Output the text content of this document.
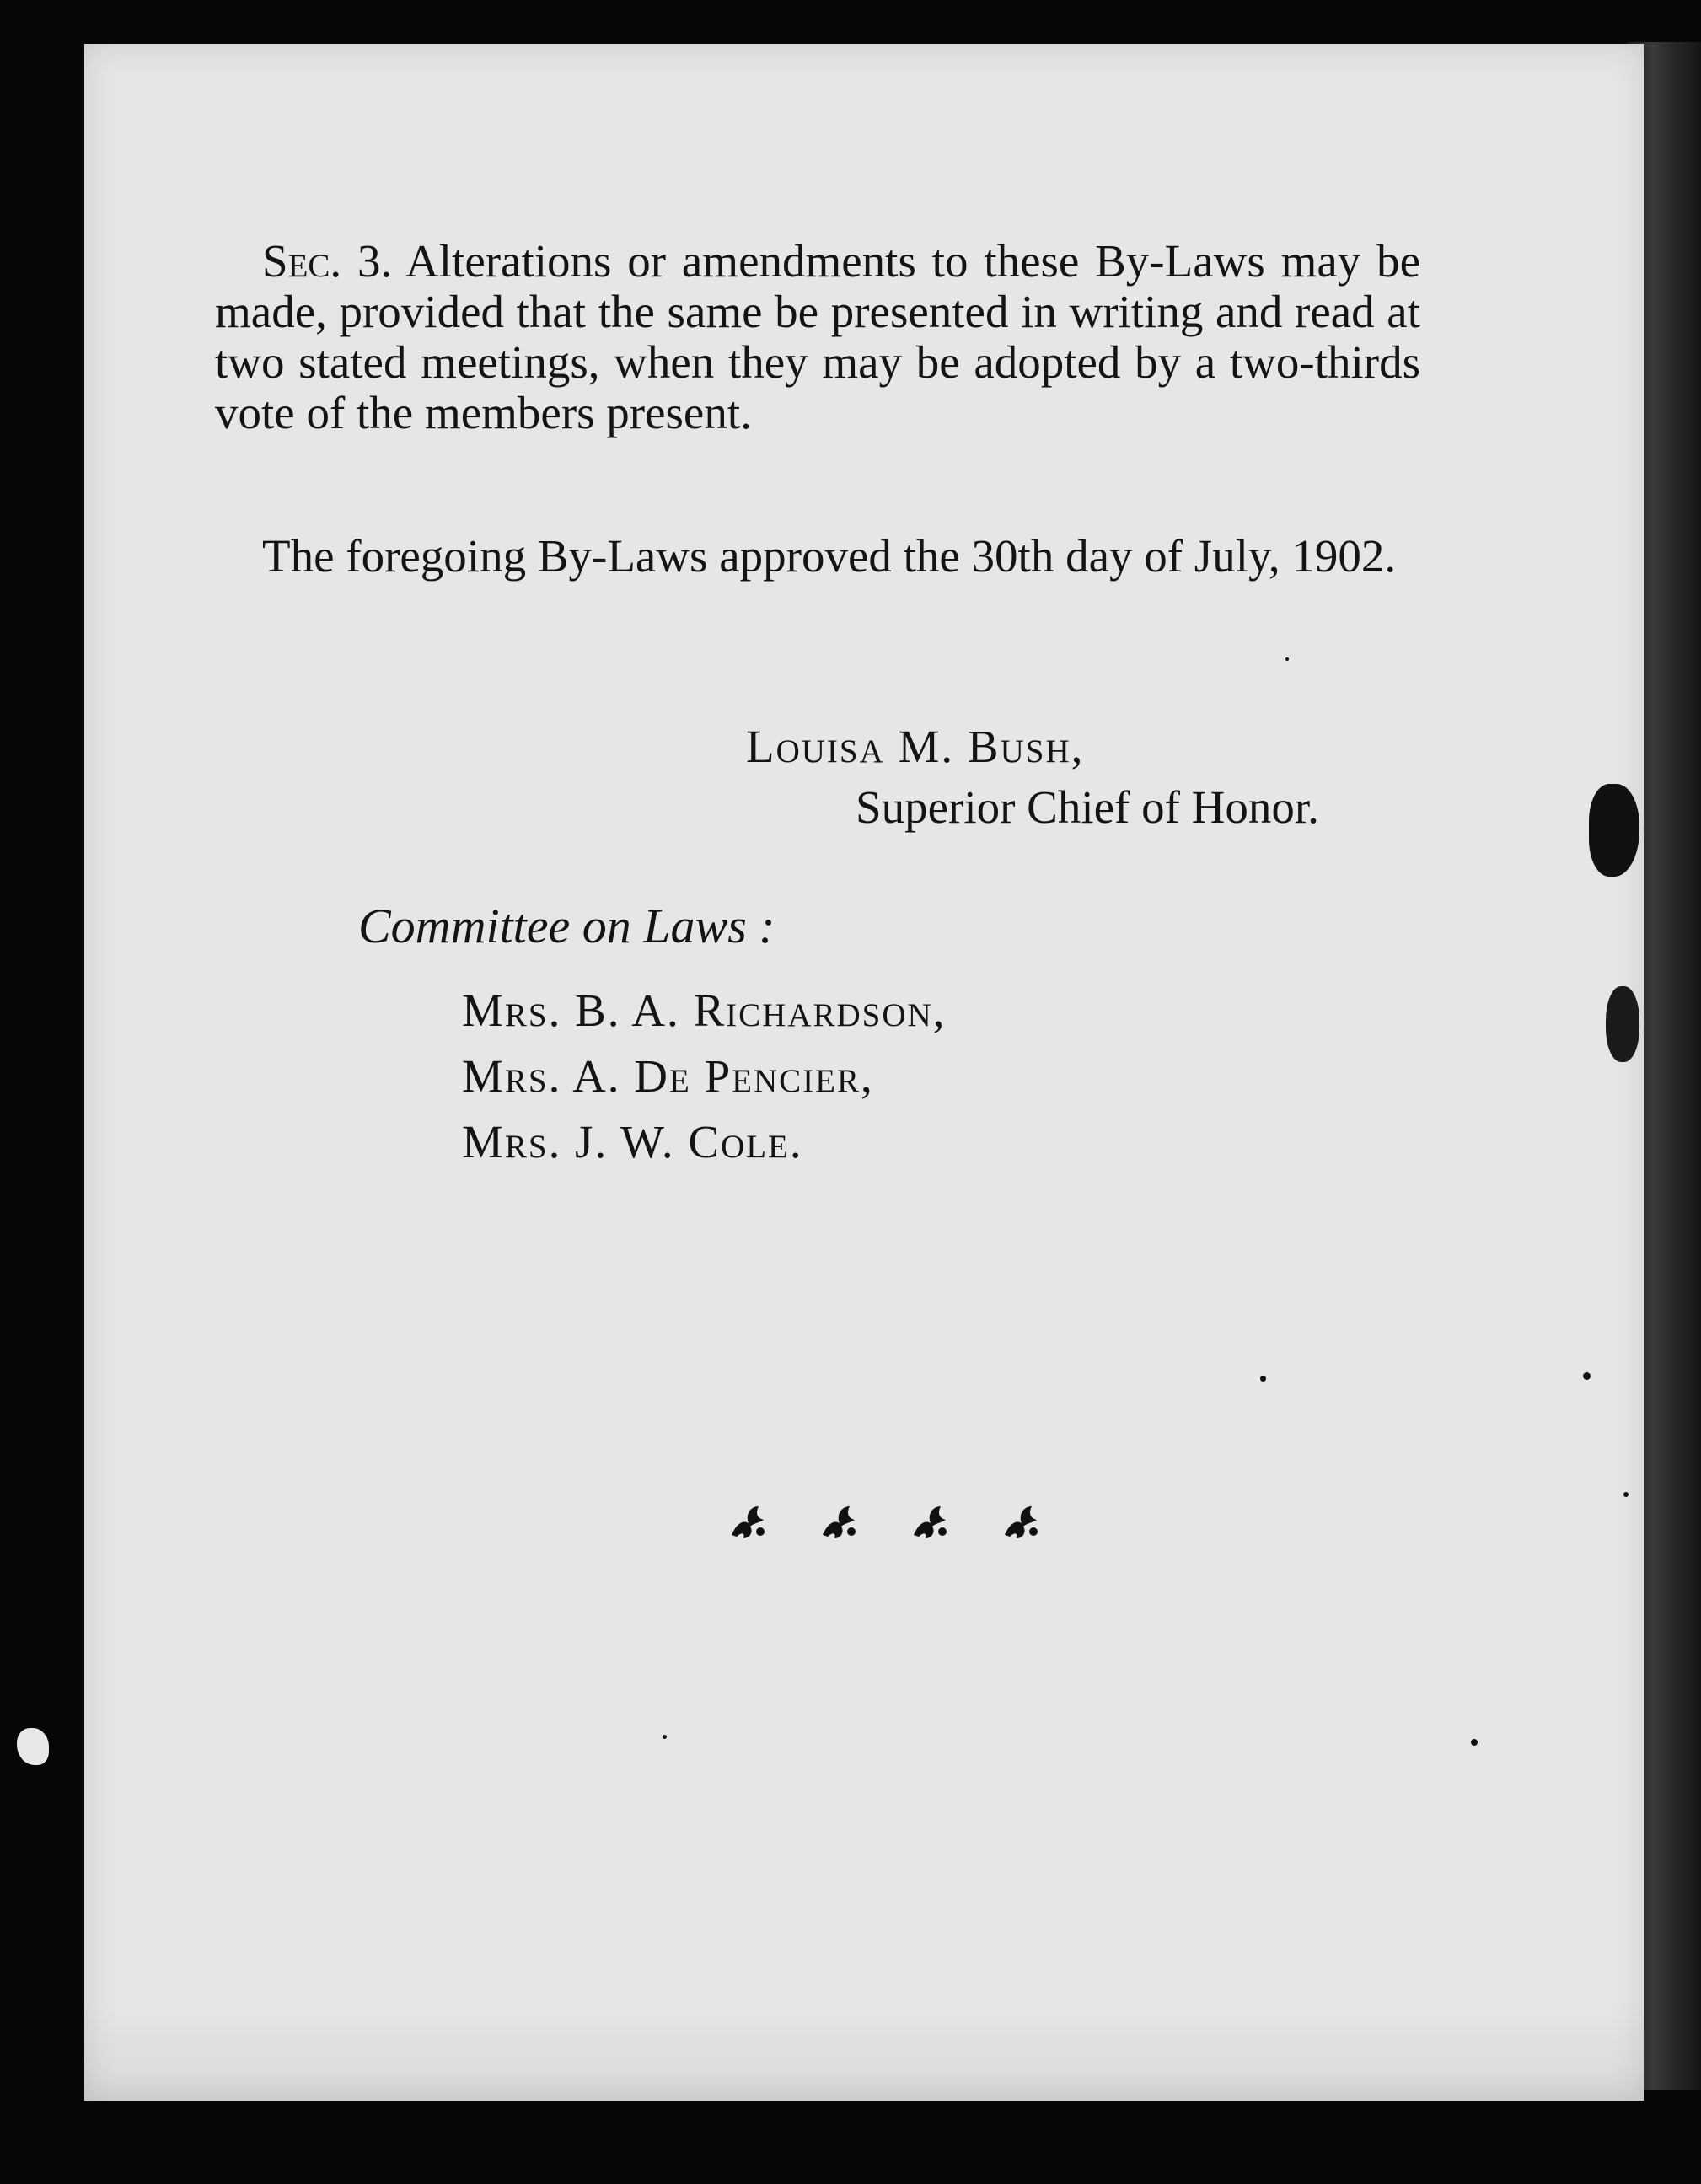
Sec. 3. Alterations or amendments to these By-Laws may be made, provided that the same be presented in writing and read at two stated meetings, when they may be adopted by a two-thirds vote of the members present.

The foregoing By-Laws approved the 30th day of July, 1902.

Louisa M. Bush,
Superior Chief of Honor.
Committee on Laws :
Mrs. B. A. Richardson,
Mrs. A. De Pencier,
Mrs. J. W. Cole.
